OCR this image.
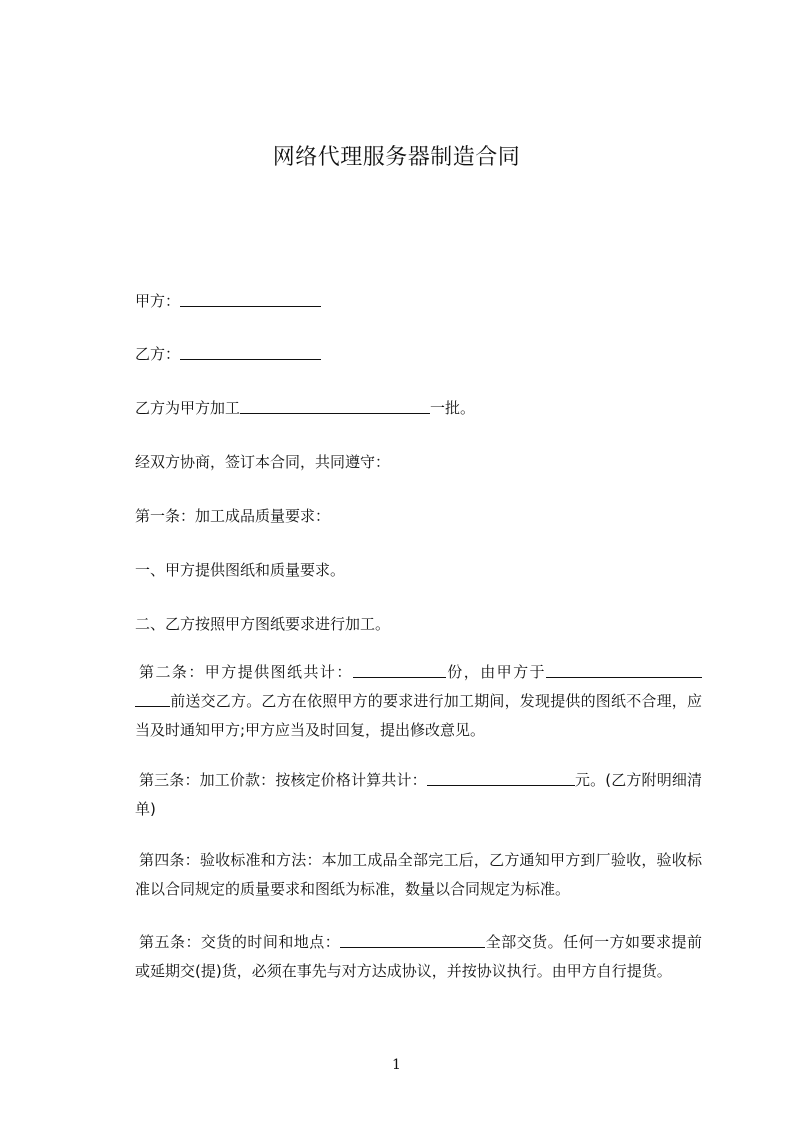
网络代理服务器制造合同
甲方：
乙方：
乙方为甲方加工	一批。
经双方协商，签订本合同，共同遵守：
第一条：加工成品质量要求：
一、甲方提供图纸和质量要求。
二、乙方按照甲方图纸要求进行加工。
第二条：甲方提供图纸共计：	份，由甲方于前送交乙方。乙方在依照甲方的要求进行加工期间，发现提供的图纸不合理，应当及时通知甲方;甲方应当及时回复，提出修改意见。
第三条：加工价款：按核定价格计算共计：	元。(乙方附明细清单)
第四条：验收标准和方法：本加工成品全部完工后，乙方通知甲方到厂验收，验收标准以合同规定的质量要求和图纸为标准，数量以合同规定为标准。
第五条：交货的时间和地点：	全部交货。任何一方如要求提前或延期交(提)货，必须在事先与对方达成协议，并按协议执行。由甲方自行提货。
1
